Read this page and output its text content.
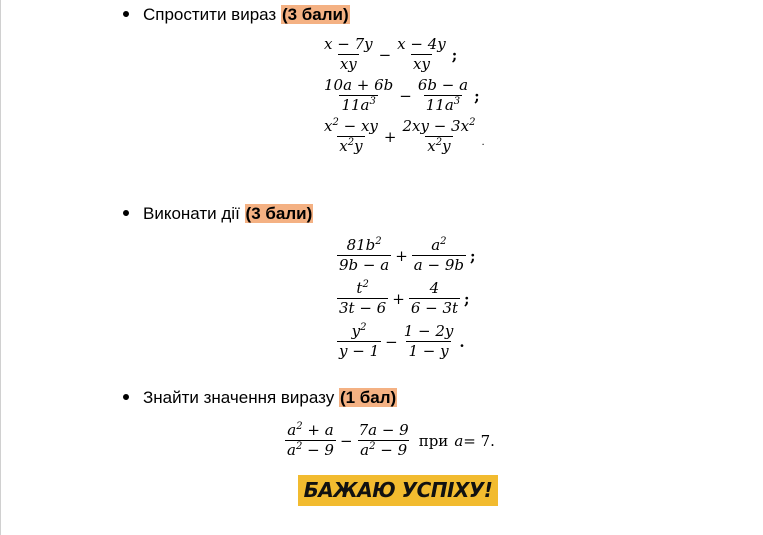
Спростити вираз (3 бали)
$\frac{x - 7y}{xy} - \frac{x - 4y}{xy}$ ;
$\frac{10a + 6b}{11a^3} - \frac{6b - a}{11a^3}$ ;
$\frac{x^2 - xy}{x^2y} + \frac{2xy - 3x^2}{x^2y}$ .
Виконати дії (3 бали)
$\frac{81b^2}{9b - a} + \frac{a^2}{a - 9b}$ ;
$\frac{t^2}{3t - 6} + \frac{4}{6 - 3t}$ ;
$\frac{y^2}{y - 1} - \frac{1 - 2y}{1 - y}$ .
Знайти значення виразу (1 бал)
$\frac{a^2 + a}{a^2 - 9} - \frac{7a - 9}{a^2 - 9}$ при a = 7.
БАЖАЮ УСПІХУ!
